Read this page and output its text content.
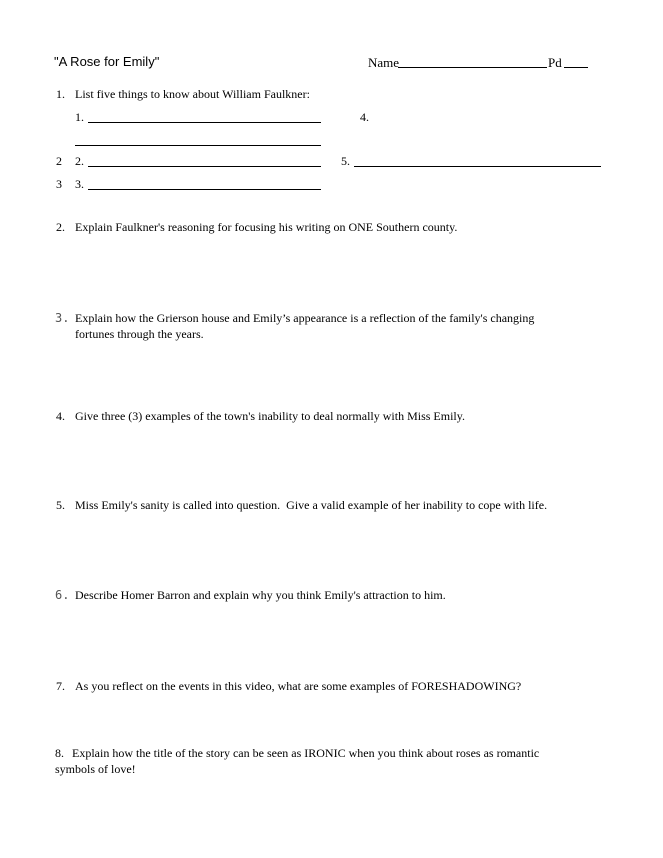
"A Rose for Emily"	Name	Pd
1. List five things to know about William Faulkner:
1.	4.
2 2.	5.
3 3.
2. Explain Faulkner's reasoning for focusing his writing on ONE Southern county.
3. Explain how the Grierson house and Emily’s appearance is a reflection of the family's changing
fortunes through the years.
4. Give three (3) examples of the town's inability to deal normally with Miss Emily.
5. Miss Emily's sanity is called into question.  Give a valid example of her inability to cope with life.
6. Describe Homer Barron and explain why you think Emily's attraction to him.
7. As you reflect on the events in this video, what are some examples of FORESHADOWING?
8. Explain how the title of the story can be seen as IRONIC when you think about roses as romantic
symbols of love!
